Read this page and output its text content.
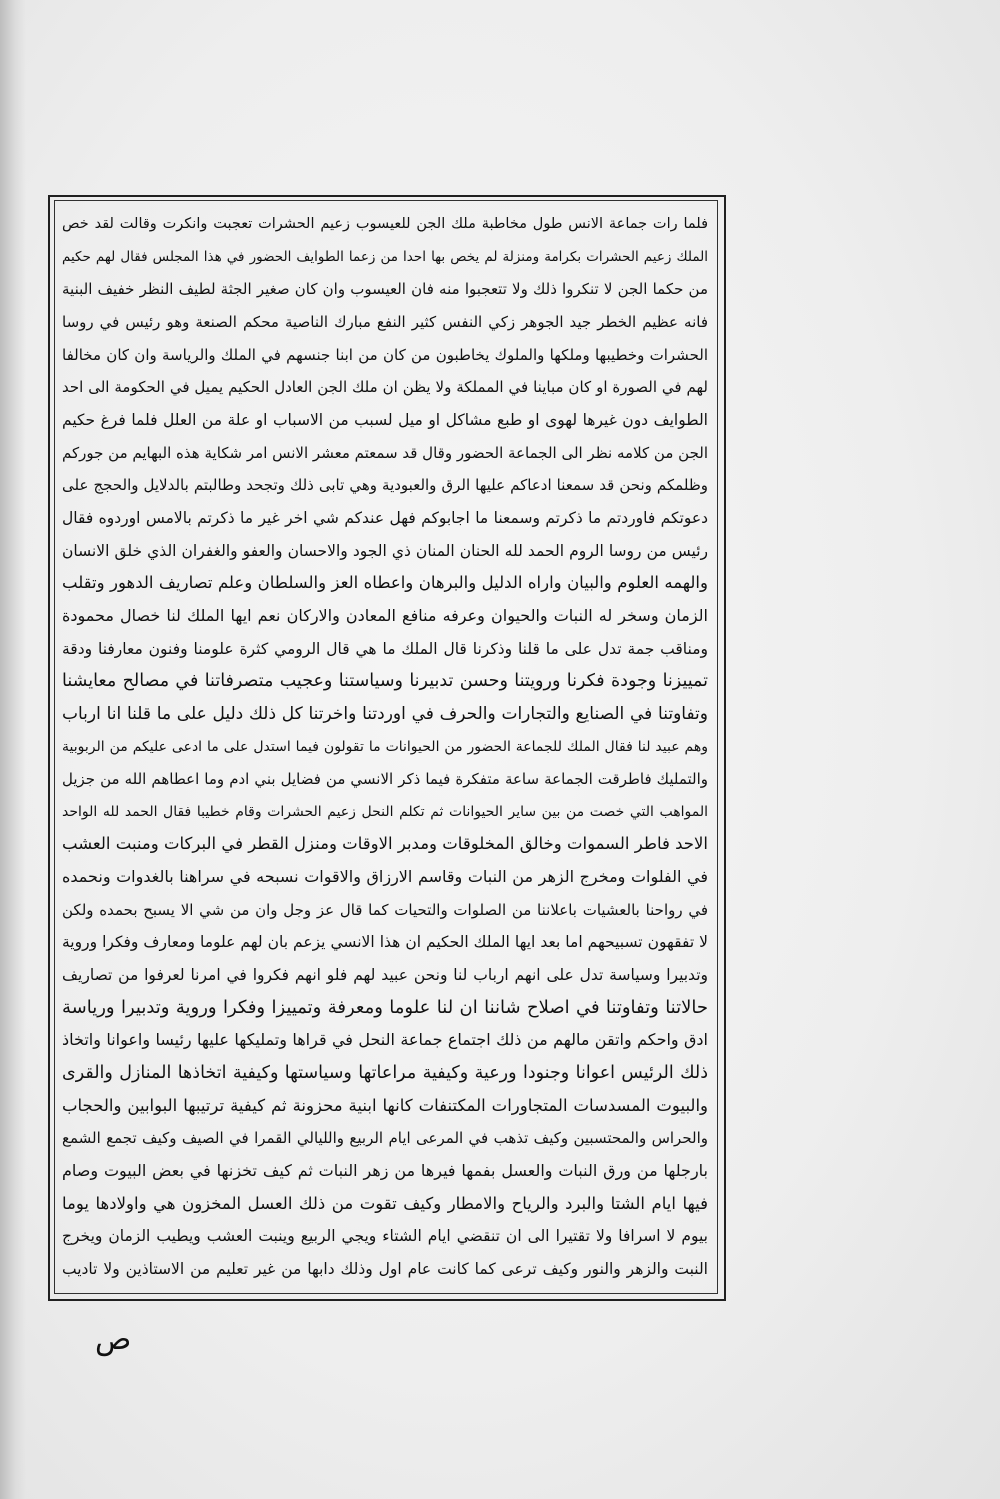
فلما رات جماعة الانس طول مخاطبة ملك الجن للعيسوب زعيم الحشرات تعجبت وانكرت وقالت لقد خص
الملك زعيم الحشرات بكرامة ومنزلة لم يخص بها احدا من زعما الطوايف الحضور في هذا المجلس فقال لهم حكيم
من حكما الجن لا تنكروا ذلك ولا تتعجبوا منه فان العيسوب وان كان صغير الجثة لطيف النظر خفيف البنية
فانه عظيم الخطر جيد الجوهر زكي النفس كثير النفع مبارك الناصية محكم الصنعة وهو رئيس في روسا
الحشرات وخطيبها وملكها والملوك يخاطبون من كان من ابنا جنسهم في الملك والرياسة وان كان مخالفا
لهم في الصورة او كان مباينا في المملكة ولا يظن ان ملك الجن العادل الحكيم يميل في الحكومة الى احد
الطوايف دون غيرها لهوى او طبع مشاكل او ميل لسبب من الاسباب او علة من العلل فلما فرغ حكيم
الجن من كلامه نظر الى الجماعة الحضور وقال قد سمعتم معشر الانس امر شكاية هذه البهايم من جوركم
وظلمكم ونحن قد سمعنا ادعاكم عليها الرق والعبودية وهي تابى ذلك وتجحد وطالبتم بالدلايل والحجج على
دعوتكم فاوردتم ما ذكرتم وسمعنا ما اجابوكم فهل عندكم شي اخر غير ما ذكرتم بالامس اوردوه فقال
رئيس من روسا الروم الحمد لله الحنان المنان ذي الجود والاحسان والعفو والغفران الذي خلق الانسان
والهمه العلوم والبيان واراه الدليل والبرهان واعطاه العز والسلطان وعلم تصاريف الدهور وتقلب
الزمان وسخر له النبات والحيوان وعرفه منافع المعادن والاركان نعم ايها الملك لنا خصال محمودة
ومناقب جمة تدل على ما قلنا وذكرنا قال الملك ما هي قال الرومي كثرة علومنا وفنون معارفنا ودقة
تمييزنا وجودة فكرنا ورويتنا وحسن تدبيرنا وسياستنا وعجيب متصرفاتنا في مصالح معايشنا
وتفاوتنا في الصنايع والتجارات والحرف في اوردتنا واخرتنا كل ذلك دليل على ما قلنا انا ارباب
وهم عبيد لنا فقال الملك للجماعة الحضور من الحيوانات ما تقولون فيما استدل على ما ادعى عليكم من الربوبية
والتمليك فاطرقت الجماعة ساعة متفكرة فيما ذكر الانسي من فضايل بني ادم وما اعطاهم الله من جزيل
المواهب التي خصت من بين ساير الحيوانات ثم تكلم النحل زعيم الحشرات وقام خطيبا فقال الحمد لله الواحد
الاحد فاطر السموات وخالق المخلوقات ومدبر الاوقات ومنزل القطر في البركات ومنبت العشب
في الفلوات ومخرج الزهر من النبات وقاسم الارزاق والاقوات نسبحه في سراهنا بالغدوات ونحمده
في رواحنا بالعشيات باعلاننا من الصلوات والتحيات كما قال عز وجل وان من شي الا يسبح بحمده ولكن
لا تفقهون تسبيحهم اما بعد ايها الملك الحكيم ان هذا الانسي يزعم بان لهم علوما ومعارف وفكرا وروية
وتدبيرا وسياسة تدل على انهم ارباب لنا ونحن عبيد لهم فلو انهم فكروا في امرنا لعرفوا من تصاريف
حالاتنا وتفاوتنا في اصلاح شاننا ان لنا علوما ومعرفة وتمييزا وفكرا وروية وتدبيرا ورياسة
ادق واحكم واتقن مالهم من ذلك اجتماع جماعة النحل في قراها وتمليكها عليها رئيسا واعوانا واتخاذ
ذلك الرئيس اعوانا وجنودا ورعية وكيفية مراعاتها وسياستها وكيفية اتخاذها المنازل والقرى
والبيوت المسدسات المتجاورات المكتنفات كانها ابنية محزونة ثم كيفية ترتيبها البوابين والحجاب
والحراس والمحتسبين وكيف تذهب في المرعى ايام الربيع والليالي القمرا في الصيف وكيف تجمع الشمع
بارجلها من ورق النبات والعسل بفمها فيرها من زهر النبات ثم كيف تخزنها في بعض البيوت وصام
فيها ايام الشتا والبرد والرياح والامطار وكيف تقوت من ذلك العسل المخزون هي واولادها يوما
بيوم لا اسرافا ولا تقتيرا الى ان تنقضي ايام الشتاء ويجي الربيع وينبت العشب ويطيب الزمان ويخرج
النبت والزهر والنور وكيف ترعى كما كانت عام اول وذلك دابها من غير تعليم من الاستاذين ولا تاديب
ص
